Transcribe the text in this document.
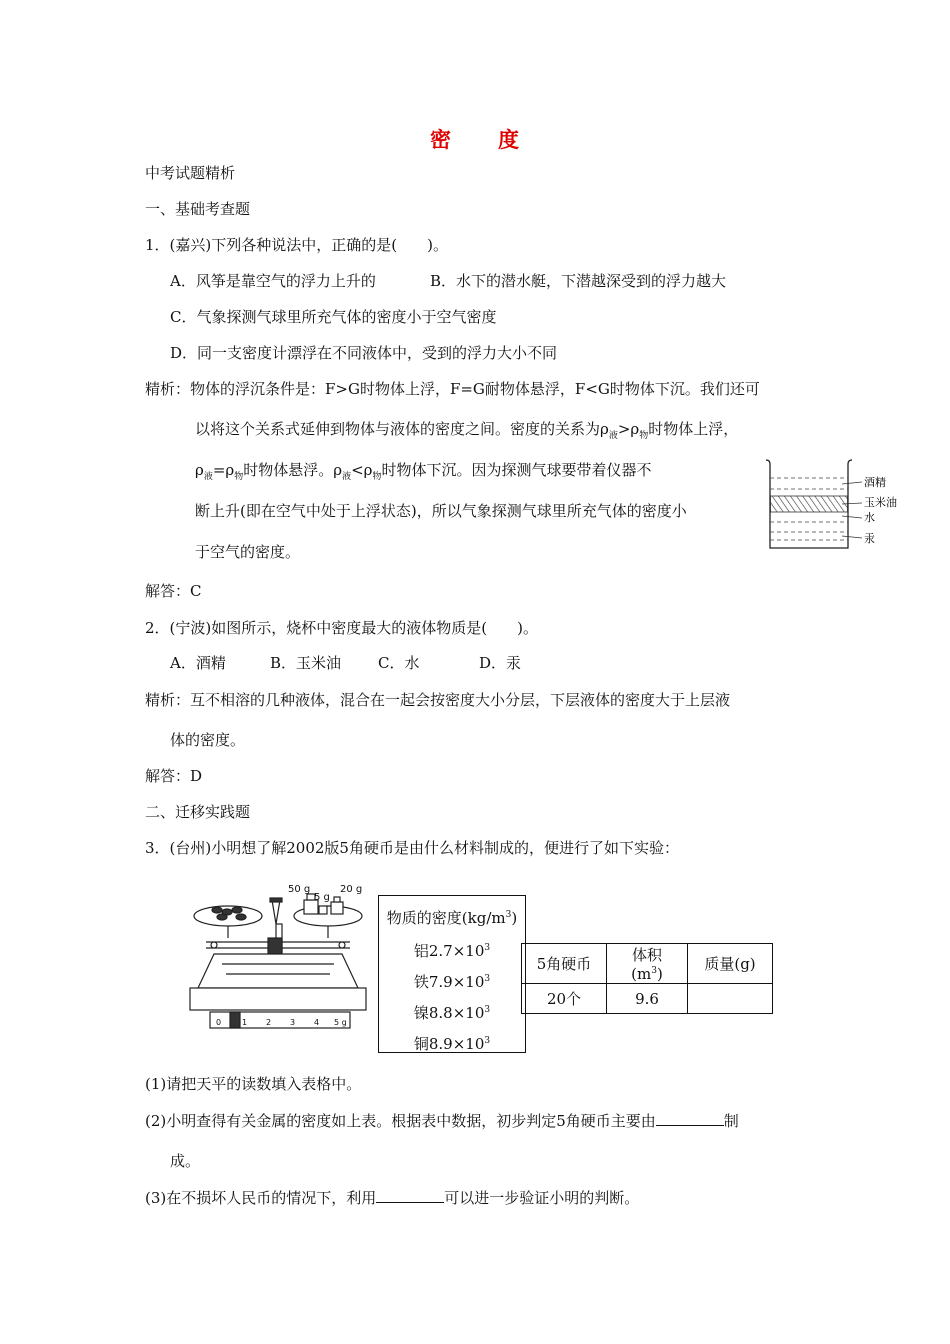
密 度
中考试题精析
一、基础考查题
1．(嘉兴)下列各种说法中，正确的是(　　)。
A．风筝是靠空气的浮力上升的	B．水下的潜水艇，下潜越深受到的浮力越大
C．气象探测气球里所充气体的密度小于空气密度
D．同一支密度计漂浮在不同液体中，受到的浮力大小不同
精析：物体的浮沉条件是：F>G时物体上浮，F=G耐物体悬浮，F<G时物体下沉。我们还可
以将这个关系式延伸到物体与液体的密度之间。密度的关系为$\rho_液>\rho_物$时物体上浮，
$\rho_液=\rho_物$时物体悬浮。$\rho_液<\rho_物$时物体下沉。因为探测气球要带着仪器不
断上升(即在空气中处于上浮状态)，所以气象探测气球里所充气体的密度小
于空气的密度。
解答：C
酒精
玉米油
水
汞
2．(宁波)如图所示，烧杯中密度最大的液体物质是(　　)。
A．酒精	B．玉米油 C．水	D．汞
精析：互不相溶的几种液体，混合在一起会按密度大小分层，下层液体的密度大于上层液
体的密度。
解答：D
二、迁移实践题
3．(台州)小明想了解2002版5角硬币是由什么材料制成的，便进行了如下实验：
50 g
5 g
20 g
0	1 2 3 4 5 g
物质的密度$(kg/m^3)$
铝$2.7\times 10^3$
铁$7.9\times 10^3$
镍$8.8\times 10^3$
铜$8.9\times 10^3$
5角硬币	体积$(m^3)$	质量(g)
20个	9.6	
(1)请把天平的读数填入表格中。
(2)小明查得有关金属的密度如上表。根据表中数据，初步判定5角硬币主要由	制
成。
(3)在不损坏人民币的情况下，利用	可以进一步验证小明的判断。
